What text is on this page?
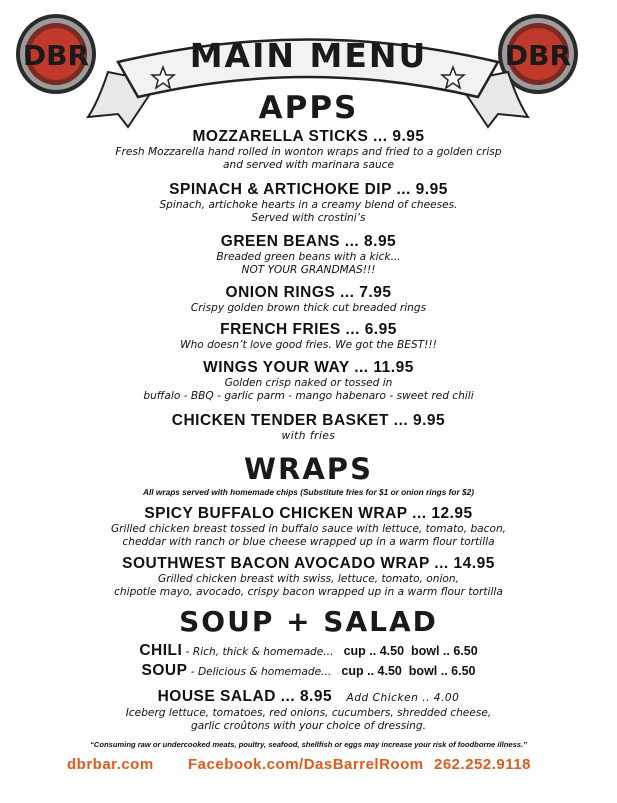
DBR	DBR
MAIN MENU
APPS
MOZZARELLA STICKS ... 9.95
Fresh Mozzarella hand rolled in wonton wraps and fried to a golden crisp
and served with marinara sauce
SPINACH & ARTICHOKE DIP ... 9.95
Spinach, artichoke hearts in a creamy blend of cheeses.
Served with crostini’s
GREEN BEANS ... 8.95
Breaded green beans with a kick...
NOT YOUR GRANDMAS!!!
ONION RINGS ... 7.95
Crispy golden brown thick cut breaded rings
FRENCH FRIES ... 6.95
Who doesn’t love good fries. We got the BEST!!!
WINGS YOUR WAY ... 11.95
Golden crisp naked or tossed in
buffalo - BBQ - garlic parm - mango habenaro - sweet red chili
CHICKEN TENDER BASKET ... 9.95
with fries
WRAPS
All wraps served with homemade chips (Substitute fries for $1 or onion rings for $2)
SPICY BUFFALO CHICKEN WRAP ... 12.95
Grilled chicken breast tossed in buffalo sauce with lettuce, tomato, bacon,
cheddar with ranch or blue cheese wrapped up in a warm flour tortilla
SOUTHWEST BACON AVOCADO WRAP ... 14.95
Grilled chicken breast with swiss, lettuce, tomato, onion,
chipotle mayo, avocado, crispy bacon wrapped up in a warm flour tortilla
SOUP + SALAD
CHILI - Rich, thick & homemade... cup .. 4.50  bowl .. 6.50
SOUP - Delicious & homemade... cup .. 4.50  bowl .. 6.50
HOUSE SALAD ... 8.95 Add Chicken .. 4.00
Iceberg lettuce, tomatoes, red onions, cucumbers, shredded cheese,
garlic croûtons with your choice of dressing.
“Consuming raw or undercooked meats, poultry, seafood, shellfish or eggs may increase your risk of foodborne illness.”
dbrbar.com Facebook.com/DasBarrelRoom 262.252.9118
